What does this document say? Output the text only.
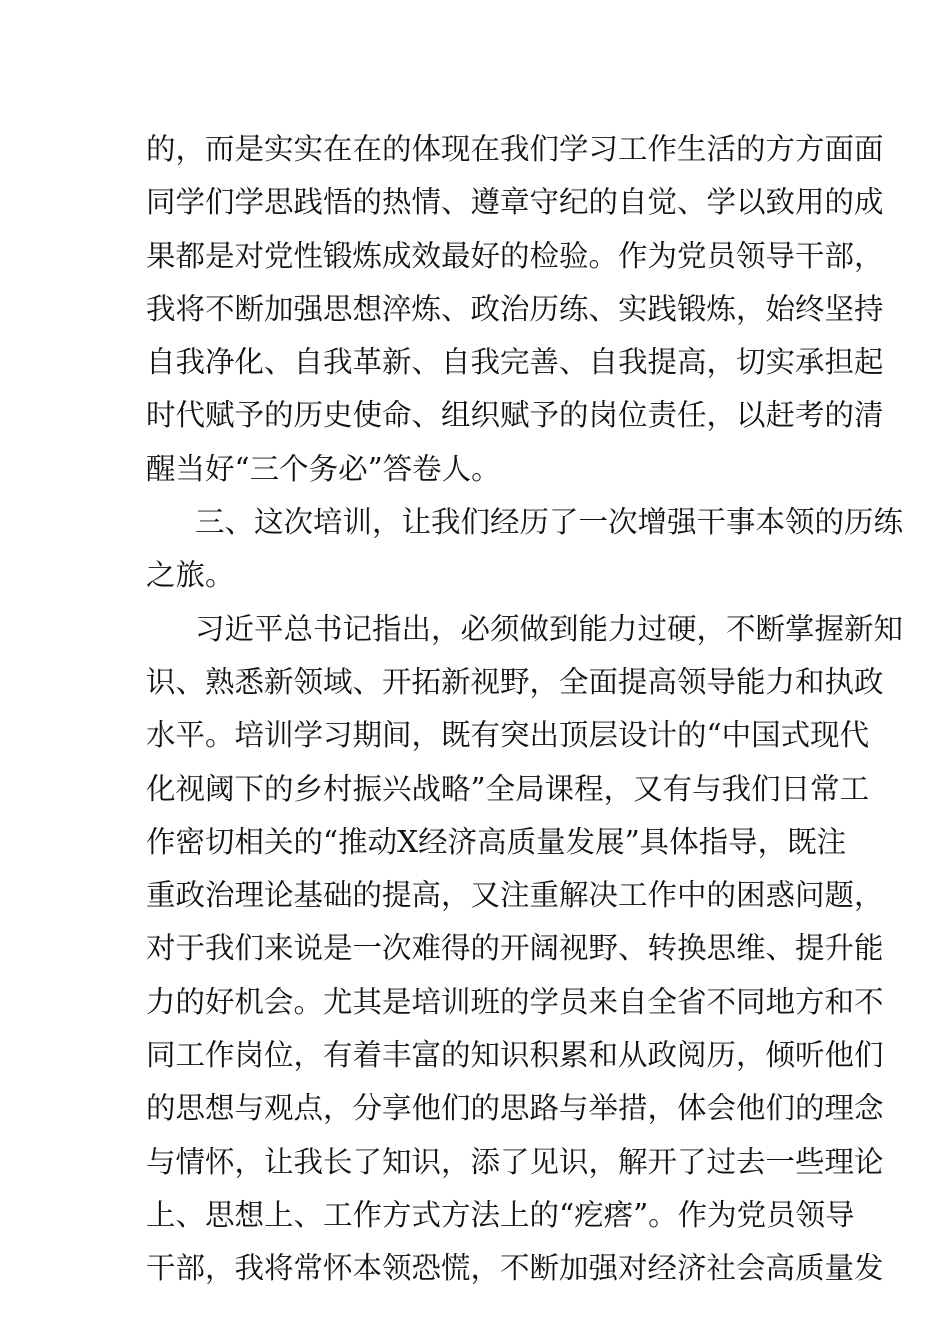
的，而是实实在在的体现在我们学习工作生活的方方面面
同学们学思践悟的热情、遵章守纪的自觉、学以致用的成
果都是对党性锻炼成效最好的检验。作为党员领导干部，
我将不断加强思想淬炼、政治历练、实践锻炼，始终坚持
自我净化、自我革新、自我完善、自我提高，切实承担起
时代赋予的历史使命、组织赋予的岗位责任，以赶考的清
醒当好“三个务必”答卷人。
三、这次培训，让我们经历了一次增强干事本领的历练
之旅。
习近平总书记指出，必须做到能力过硬，不断掌握新知
识、熟悉新领域、开拓新视野，全面提高领导能力和执政
水平。培训学习期间，既有突出顶层设计的“中国式现代
化视阈下的乡村振兴战略”全局课程，又有与我们日常工
作密切相关的“推动X经济高质量发展”具体指导，既注
重政治理论基础的提高，又注重解决工作中的困惑问题，
对于我们来说是一次难得的开阔视野、转换思维、提升能
力的好机会。尤其是培训班的学员来自全省不同地方和不
同工作岗位，有着丰富的知识积累和从政阅历，倾听他们
的思想与观点，分享他们的思路与举措，体会他们的理念
与情怀，让我长了知识，添了见识，解开了过去一些理论
上、思想上、工作方式方法上的“疙瘩”。作为党员领导
干部，我将常怀本领恐慌，不断加强对经济社会高质量发
